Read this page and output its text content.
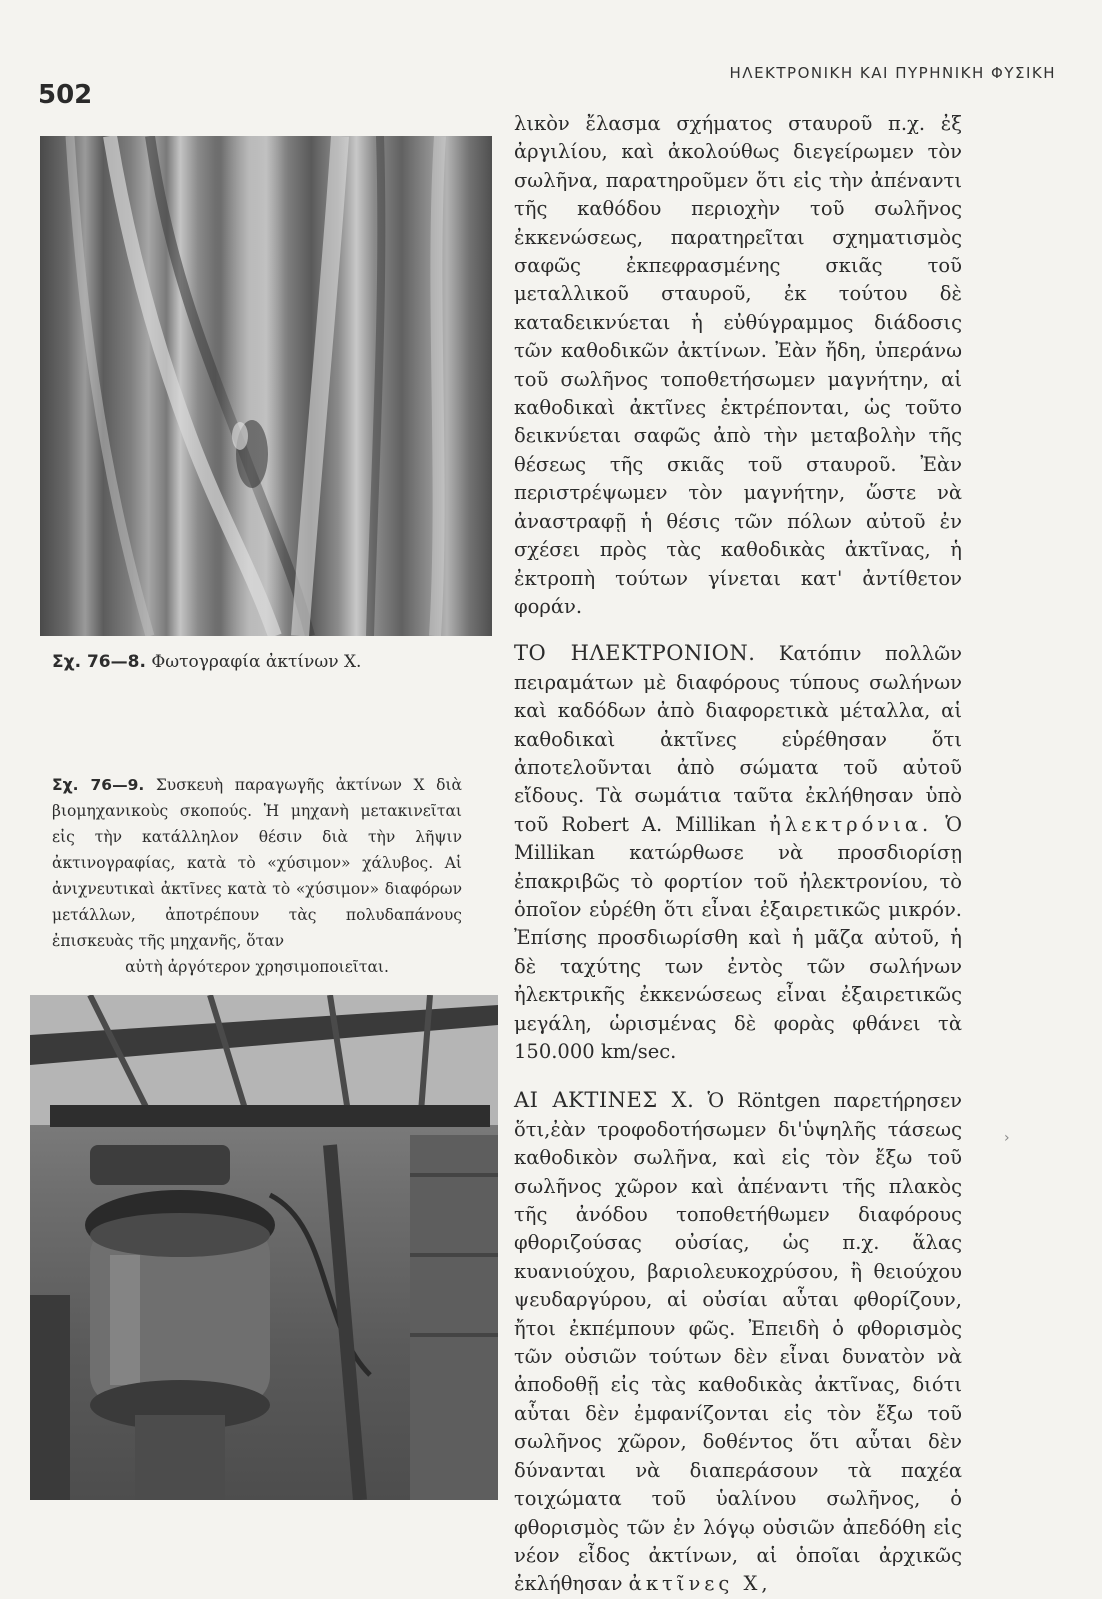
502
ΗΛΕΚΤΡΟΝΙΚΗ ΚΑΙ ΠΥΡΗΝΙΚΗ ΦΥΣΙΚΗ
Σχ. 76—8. Φωτογραφία ἀκτίνων X.
Σχ. 76—9. Συσκευὴ παραγωγῆς ἀκτίνων X διὰ βιομηχανικοὺς σκοπούς. Ἡ μηχανὴ μετακινεῖται εἰς τὴν κατάλληλον θέσιν διὰ τὴν λῆψιν ἀκτινογραφίας, κατὰ τὸ «χύσιμον» χάλυβος. Αἱ ἀνιχνευτικαὶ ἀκτῖνες κατὰ τὸ «χύσιμον» διαφόρων μετάλλων, ἀποτρέπουν τὰς πολυδαπάνους ἐπισκευὰς τῆς μηχανῆς, ὅταν
αὐτὴ ἀργότερον χρησιμοποιεῖται.

λικὸν ἔλασμα σχήματος σταυροῦ π.χ. ἐξ ἀργιλίου, καὶ ἀκολούθως διεγείρωμεν τὸν σωλῆνα, παρατηροῦμεν ὅτι εἰς τὴν ἀπέναντι τῆς καθόδου περιοχὴν τοῦ σωλῆνος ἐκκενώσεως, παρατηρεῖται σχηματισμὸς σαφῶς ἐκπεφρασμένης σκιᾶς τοῦ μεταλλικοῦ σταυροῦ, ἐκ τούτου δὲ καταδεικνύεται ἡ εὐθύγραμμος διάδοσις τῶν καθοδικῶν ἀκτίνων. Ἐὰν ἤδη, ὑπεράνω τοῦ σωλῆνος τοποθετήσωμεν μαγνήτην, αἱ καθοδικαὶ ἀκτῖνες ἐκτρέπονται, ὡς τοῦτο δεικνύεται σαφῶς ἀπὸ τὴν μεταβολὴν τῆς θέσεως τῆς σκιᾶς τοῦ σταυροῦ. Ἐὰν περιστρέψωμεν τὸν μαγνήτην, ὥστε νὰ ἀναστραφῇ ἡ θέσις τῶν πόλων αὐτοῦ ἐν σχέσει πρὸς τὰς καθοδικὰς ἀκτῖνας, ἡ ἐκτροπὴ τούτων γίνεται κατ' ἀντίθετον φοράν.

ΤΟ ΗΛΕΚΤΡΟΝΙΟΝ. Κατόπιν πολλῶν πειραμάτων μὲ διαφόρους τύπους σωλήνων καὶ καδόδων ἀπὸ διαφορετικὰ μέταλλα, αἱ καθοδικαὶ ἀκτῖνες εὑρέθησαν ὅτι ἀποτελοῦνται ἀπὸ σώματα τοῦ αὐτοῦ εἴδους. Τὰ σωμάτια ταῦτα ἐκλήθησαν ὑπὸ τοῦ Robert A. Millikan ἠλεκτρόνια. Ὁ Millikan κατώρθωσε νὰ προσδιορίσῃ ἐπακριβῶς τὸ φορτίον τοῦ ἠλεκτρονίου, τὸ ὁποῖον εὑρέθη ὅτι εἶναι ἐξαιρετικῶς μικρόν. Ἐπίσης προσδιωρίσθη καὶ ἡ μᾶζα αὐτοῦ, ἡ δὲ ταχύτης των ἐντὸς τῶν σωλήνων ἠλεκτρικῆς ἐκκενώσεως εἶναι ἐξαιρετικῶς μεγάλη, ὡρισμένας δὲ φορὰς φθάνει τὰ 150.000 km/sec.

ΑΙ ΑΚΤΙΝΕΣ Χ. Ὁ Röntgen παρετήρησεν ὅτι,ἐὰν τροφοδοτήσωμεν δι'ὑψηλῆς τάσεως καθοδικὸν σωλῆνα, καὶ εἰς τὸν ἔξω τοῦ σωλῆνος χῶρον καὶ ἀπέναντι τῆς πλακὸς τῆς ἀνόδου τοποθετήθωμεν διαφόρους φθοριζούσας οὐσίας, ὡς π.χ. ἅλας κυανιούχου, βαριολευκοχρύσου, ἢ θειούχου ψευδαργύρου, αἱ οὐσίαι αὗται φθορίζουν, ἤτοι ἐκπέμπουν φῶς. Ἐπειδὴ ὁ φθορισμὸς τῶν οὐσιῶν τούτων δὲν εἶναι δυνατὸν νὰ ἀποδοθῇ εἰς τὰς καθοδικὰς ἀκτῖνας, διότι αὗται δὲν ἐμφανίζονται εἰς τὸν ἔξω τοῦ σωλῆνος χῶρον, δοθέντος ὅτι αὗται δὲν δύνανται νὰ διαπεράσουν τὰ παχέα τοιχώματα τοῦ ὑαλίνου σωλῆνος, ὁ φθορισμὸς τῶν ἐν λόγῳ οὐσιῶν ἀπεδόθη εἰς νέον εἶδος ἀκτίνων, αἱ ὁποῖαι ἀρχικῶς ἐκλήθησαν ἀκτῖνες X,

›
